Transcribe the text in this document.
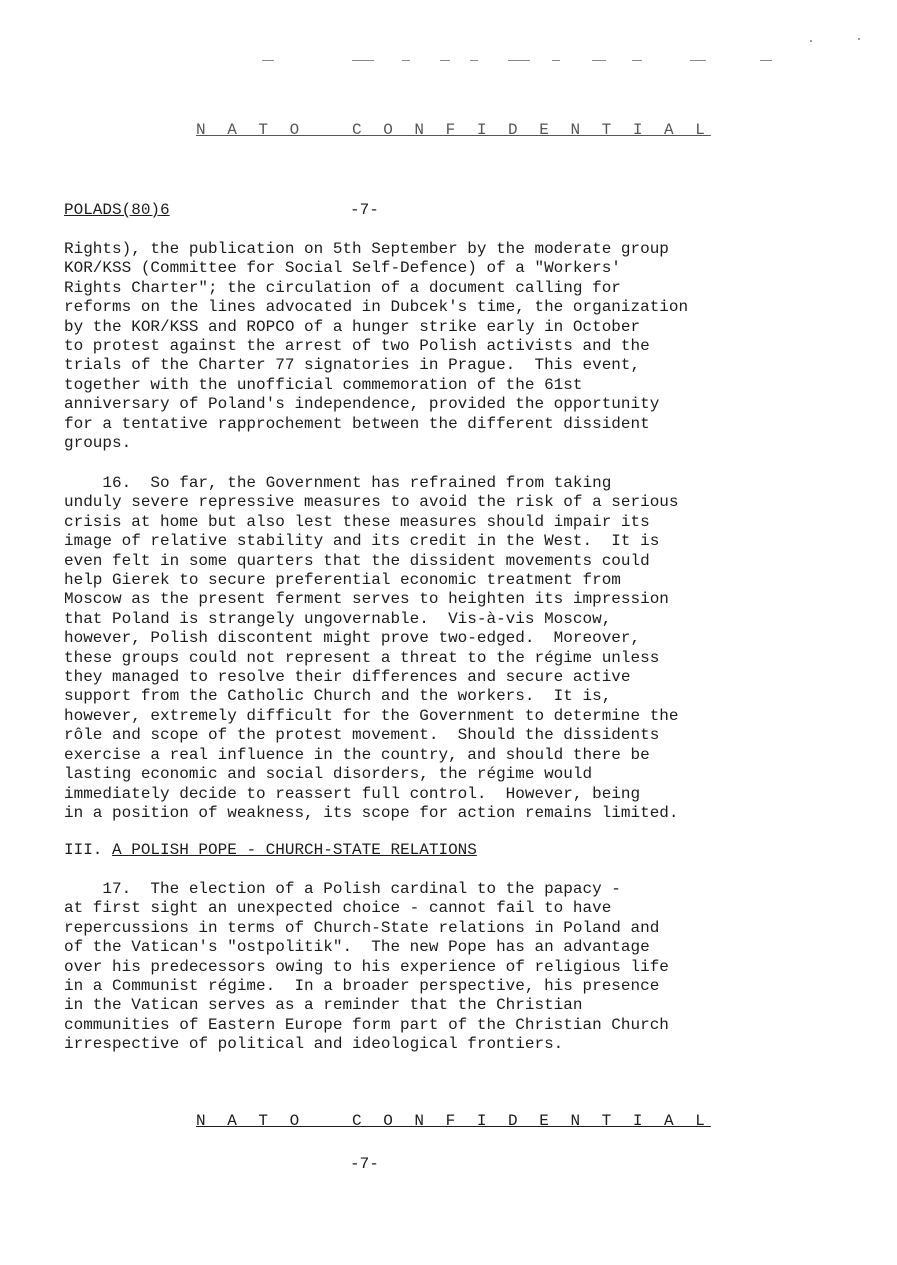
N A T O   C O N F I D E N T I A L
POLADS(80)6	-7-

Rights), the publication on 5th September by the moderate group
KOR/KSS (Committee for Social Self-Defence) of a "Workers'
Rights Charter"; the circulation of a document calling for
reforms on the lines advocated in Dubcek's time, the organization
by the KOR/KSS and ROPCO of a hunger strike early in October
to protest against the arrest of two Polish activists and the
trials of the Charter 77 signatories in Prague.  This event,
together with the unofficial commemoration of the 61st
anniversary of Poland's independence, provided the opportunity
for a tentative rapprochement between the different dissident
groups.

16.  So far, the Government has refrained from taking
unduly severe repressive measures to avoid the risk of a serious
crisis at home but also lest these measures should impair its
image of relative stability and its credit in the West.  It is
even felt in some quarters that the dissident movements could
help Gierek to secure preferential economic treatment from
Moscow as the present ferment serves to heighten its impression
that Poland is strangely ungovernable.  Vis-à-vis Moscow,
however, Polish discontent might prove two-edged.  Moreover,
these groups could not represent a threat to the régime unless
they managed to resolve their differences and secure active
support from the Catholic Church and the workers.  It is,
however, extremely difficult for the Government to determine the
rôle and scope of the protest movement.  Should the dissidents
exercise a real influence in the country, and should there be
lasting economic and social disorders, the régime would
immediately decide to reassert full control.  However, being
in a position of weakness, its scope for action remains limited.

III. A POLISH POPE - CHURCH-STATE RELATIONS

17.  The election of a Polish cardinal to the papacy -
at first sight an unexpected choice - cannot fail to have
repercussions in terms of Church-State relations in Poland and
of the Vatican's "ostpolitik".  The new Pope has an advantage
over his predecessors owing to his experience of religious life
in a Communist régime.  In a broader perspective, his presence
in the Vatican serves as a reminder that the Christian
communities of Eastern Europe form part of the Christian Church
irrespective of political and ideological frontiers.

N A T O   C O N F I D E N T I A L
-7-
